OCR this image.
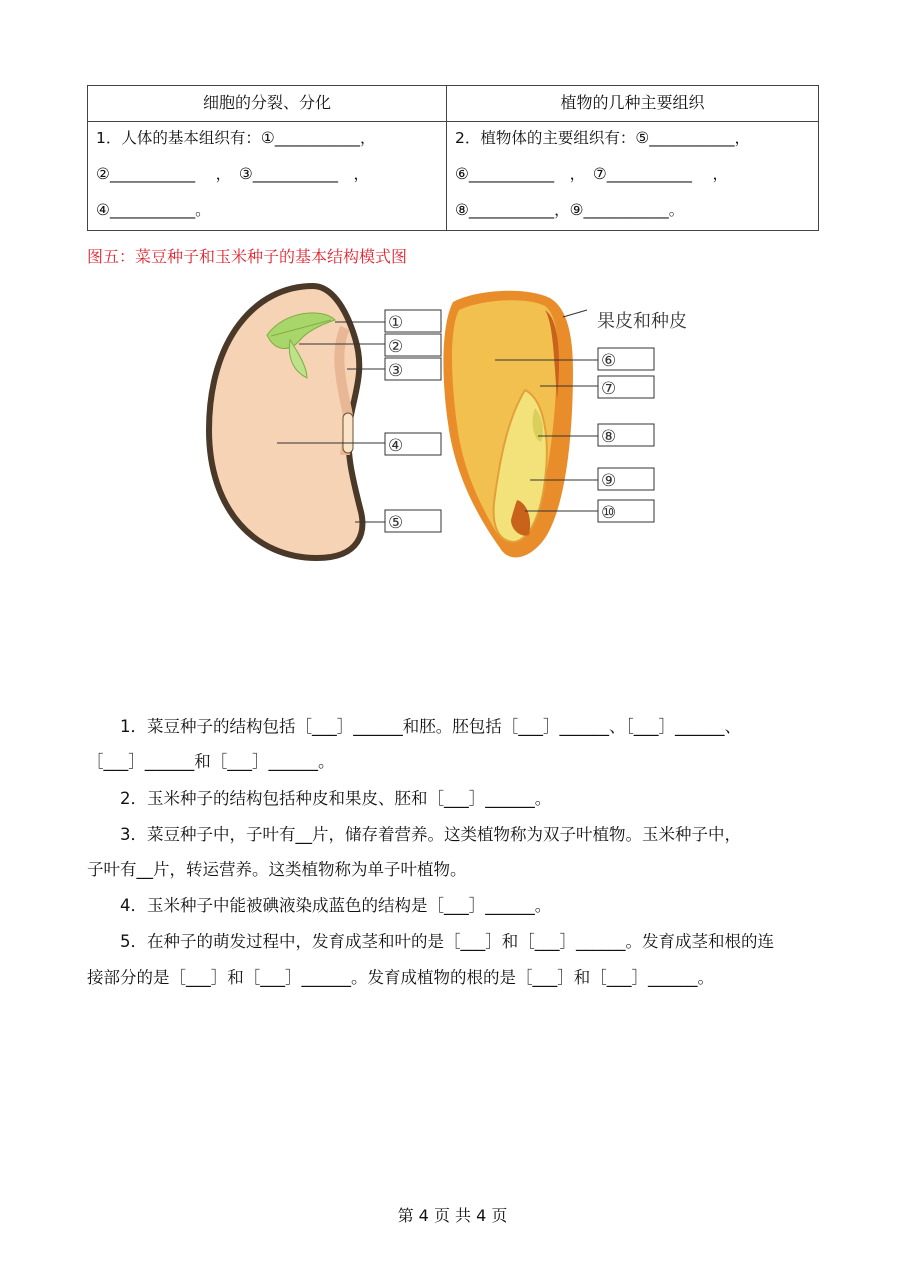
细胞的分裂、分化
1．人体的基本组织有：①___________，
②___________　 ，　③___________　，
④___________。
植物的几种主要组织
2．植物体的主要组织有：⑤___________，
⑥___________　，　⑦___________　 ，
⑧___________，⑨___________。
图五：菜豆种子和玉米种子的基本结构模式图
①
②
③
④
⑤
⑥
⑦
⑧
⑨
⑩
果皮和种皮
1．菜豆种子的结构包括［___］______和胚。胚包括［___］______、［___］______、
［___］______和［___］______。
2．玉米种子的结构包括种皮和果皮、胚和［___］______。
3．菜豆种子中，子叶有__片，储存着营养。这类植物称为双子叶植物。玉米种子中，
子叶有__片，转运营养。这类植物称为单子叶植物。
4．玉米种子中能被碘液染成蓝色的结构是［___］______。
5．在种子的萌发过程中，发育成茎和叶的是［___］和［___］______。发育成茎和根的连
接部分的是［___］和［___］______。发育成植物的根的是［___］和［___］______。
第 4 页 共 4 页
